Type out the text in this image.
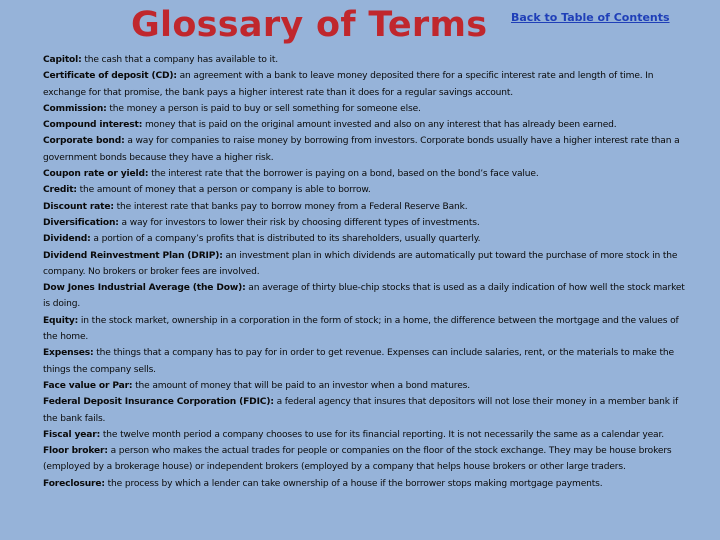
Glossary of Terms Back to Table of Contents

Capitol: the cash that a company has available to it.

Certificate of deposit (CD): an agreement with a bank to leave money deposited there for a specific interest rate and length of time. In exchange for that promise, the bank pays a higher interest rate than it does for a regular savings account.

Commission: the money a person is paid to buy or sell something for someone else.

Compound interest: money that is paid on the original amount invested and also on any interest that has already been earned.

Corporate bond: a way for companies to raise money by borrowing from investors. Corporate bonds usually have a higher interest rate than a government bonds because they have a higher risk.

Coupon rate or yield: the interest rate that the borrower is paying on a bond, based on the bond’s face value.

Credit: the amount of money that a person or company is able to borrow.

Discount rate: the interest rate that banks pay to borrow money from a Federal Reserve Bank.

Diversification: a way for investors to lower their risk by choosing different types of investments.

Dividend: a portion of a company’s profits that is distributed to its shareholders, usually quarterly.

Dividend Reinvestment Plan (DRIP): an investment plan in which dividends are automatically put toward the purchase of more stock in the company. No brokers or broker fees are involved.

Dow Jones Industrial Average (the Dow): an average of thirty blue-chip stocks that is used as a daily indication of how well the stock market is doing.

Equity: in the stock market, ownership in a corporation in the form of stock; in a home, the difference between the mortgage and the values of the home.

Expenses: the things that a company has to pay for in order to get revenue. Expenses can include salaries, rent, or the materials to make the things the company sells.

Face value or Par: the amount of money that will be paid to an investor when a bond matures.

Federal Deposit Insurance Corporation (FDIC): a federal agency that insures that depositors will not lose their money in a member bank if the bank fails.

Fiscal year: the twelve month period a company chooses to use for its financial reporting. It is not necessarily the same as a calendar year.

Floor broker: a person who makes the actual trades for people or companies on the floor of the stock exchange. They may be house brokers (employed by a brokerage house) or independent brokers (employed by a company that helps house brokers or other large traders.

Foreclosure: the process by which a lender can take ownership of a house if the borrower stops making mortgage payments.
